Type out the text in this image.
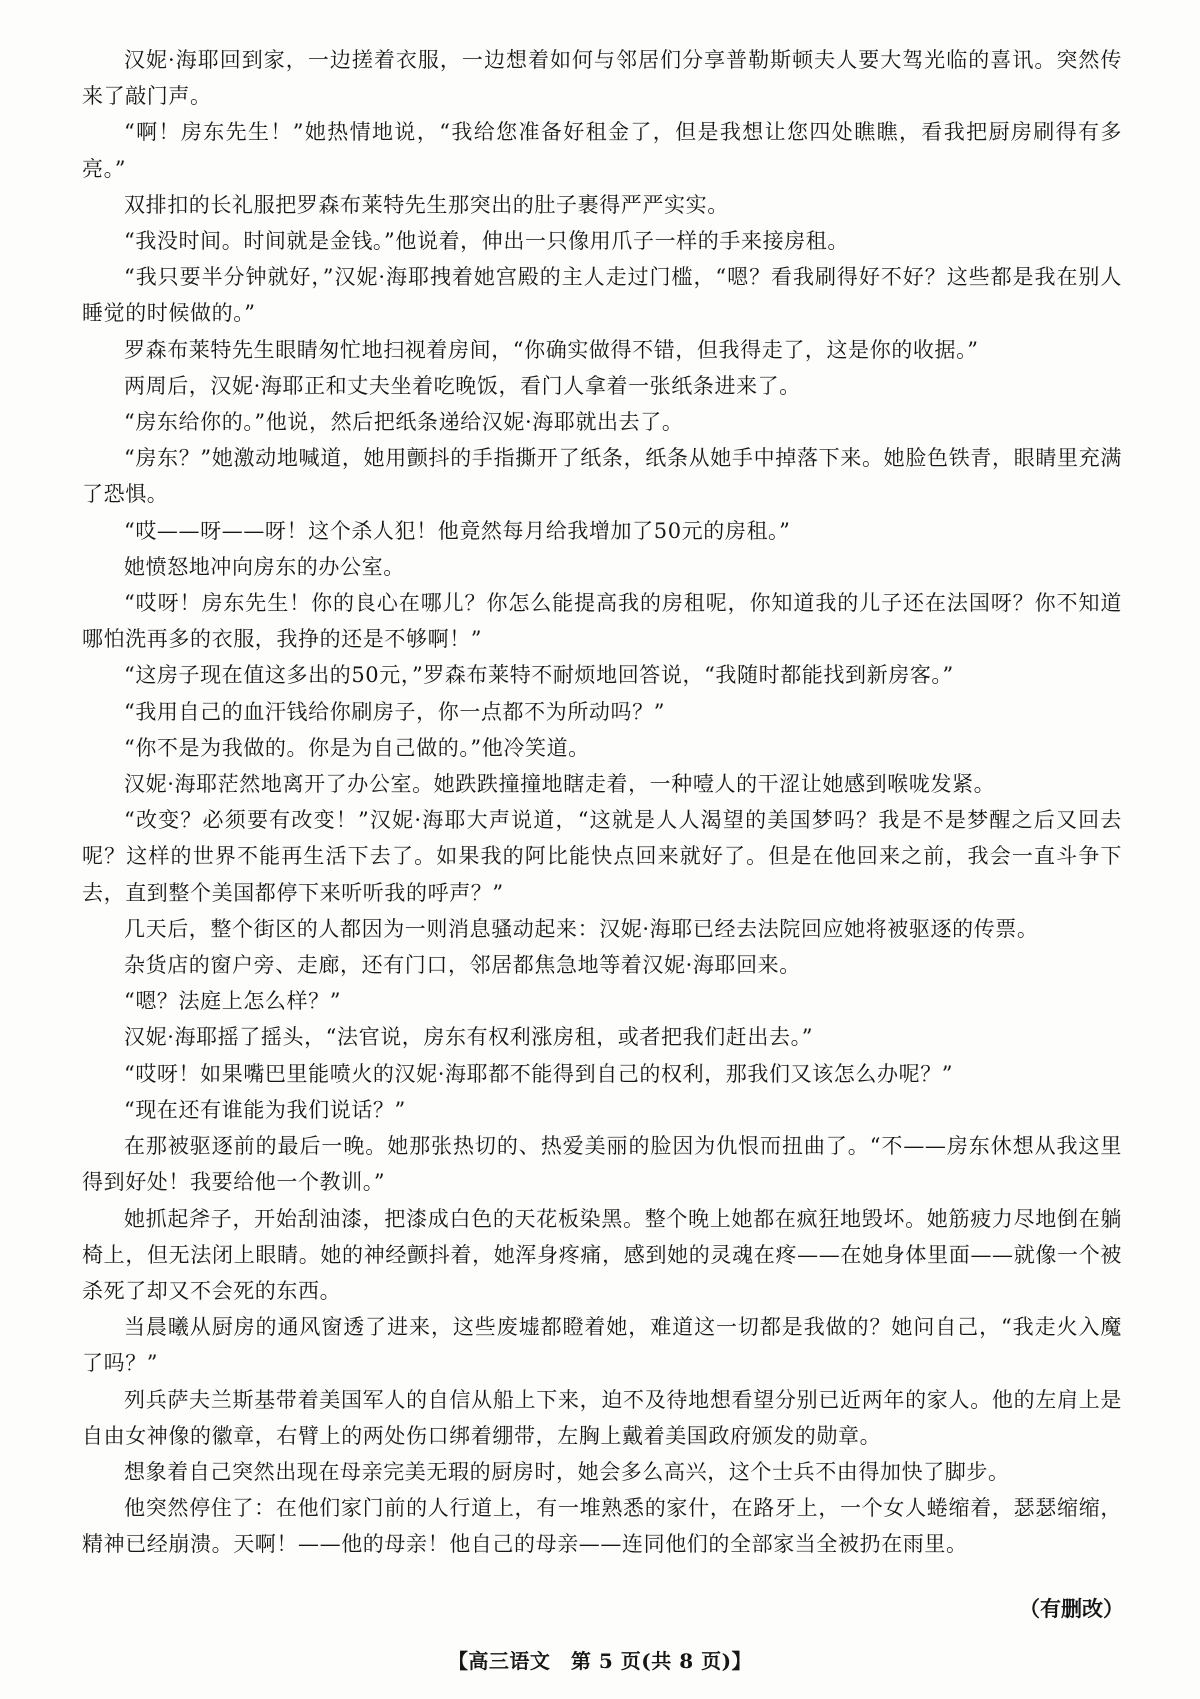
汉妮·海耶回到家，一边搓着衣服，一边想着如何与邻居们分享普勒斯顿夫人要大驾光临的喜讯。突然传来了敲门声。

“啊！房东先生！”她热情地说，“我给您准备好租金了，但是我想让您四处瞧瞧，看我把厨房刷得有多亮。”

双排扣的长礼服把罗森布莱特先生那突出的肚子裹得严严实实。

“我没时间。时间就是金钱。”他说着，伸出一只像用爪子一样的手来接房租。

“我只要半分钟就好，”汉妮·海耶拽着她宫殿的主人走过门槛，“嗯？看我刷得好不好？这些都是我在别人睡觉的时候做的。”

罗森布莱特先生眼睛匆忙地扫视着房间，“你确实做得不错，但我得走了，这是你的收据。”

两周后，汉妮·海耶正和丈夫坐着吃晚饭，看门人拿着一张纸条进来了。

“房东给你的。”他说，然后把纸条递给汉妮·海耶就出去了。

“房东？”她激动地喊道，她用颤抖的手指撕开了纸条，纸条从她手中掉落下来。她脸色铁青，眼睛里充满了恐惧。

“哎——呀——呀！这个杀人犯！他竟然每月给我增加了50元的房租。”

她愤怒地冲向房东的办公室。

“哎呀！房东先生！你的良心在哪儿？你怎么能提高我的房租呢，你知道我的儿子还在法国呀？你不知道哪怕洗再多的衣服，我挣的还是不够啊！”

“这房子现在值这多出的50元，”罗森布莱特不耐烦地回答说，“我随时都能找到新房客。”

“我用自己的血汗钱给你刷房子，你一点都不为所动吗？”

“你不是为我做的。你是为自己做的。”他冷笑道。

汉妮·海耶茫然地离开了办公室。她跌跌撞撞地瞎走着，一种噎人的干涩让她感到喉咙发紧。

“改变？必须要有改变！”汉妮·海耶大声说道，“这就是人人渴望的美国梦吗？我是不是梦醒之后又回去呢？这样的世界不能再生活下去了。如果我的阿比能快点回来就好了。但是在他回来之前，我会一直斗争下去，直到整个美国都停下来听听我的呼声？”

几天后，整个街区的人都因为一则消息骚动起来：汉妮·海耶已经去法院回应她将被驱逐的传票。

杂货店的窗户旁、走廊，还有门口，邻居都焦急地等着汉妮·海耶回来。

“嗯？法庭上怎么样？”

汉妮·海耶摇了摇头，“法官说，房东有权利涨房租，或者把我们赶出去。”

“哎呀！如果嘴巴里能喷火的汉妮·海耶都不能得到自己的权利，那我们又该怎么办呢？”

“现在还有谁能为我们说话？”

在那被驱逐前的最后一晚。她那张热切的、热爱美丽的脸因为仇恨而扭曲了。“不——房东休想从我这里得到好处！我要给他一个教训。”

她抓起斧子，开始刮油漆，把漆成白色的天花板染黑。整个晚上她都在疯狂地毁坏。她筋疲力尽地倒在躺椅上，但无法闭上眼睛。她的神经颤抖着，她浑身疼痛，感到她的灵魂在疼——在她身体里面——就像一个被杀死了却又不会死的东西。

当晨曦从厨房的通风窗透了进来，这些废墟都瞪着她，难道这一切都是我做的？她问自己，“我走火入魔了吗？”

列兵萨夫兰斯基带着美国军人的自信从船上下来，迫不及待地想看望分别已近两年的家人。他的左肩上是自由女神像的徽章，右臂上的两处伤口绑着绷带，左胸上戴着美国政府颁发的勋章。

想象着自己突然出现在母亲完美无瑕的厨房时，她会多么高兴，这个士兵不由得加快了脚步。

他突然停住了：在他们家门前的人行道上，有一堆熟悉的家什，在路牙上，一个女人蜷缩着，瑟瑟缩缩，精神已经崩溃。天啊！——他的母亲！他自己的母亲——连同他们的全部家当全被扔在雨里。

（有删改）
【高三语文　第 5 页(共 8 页)】
